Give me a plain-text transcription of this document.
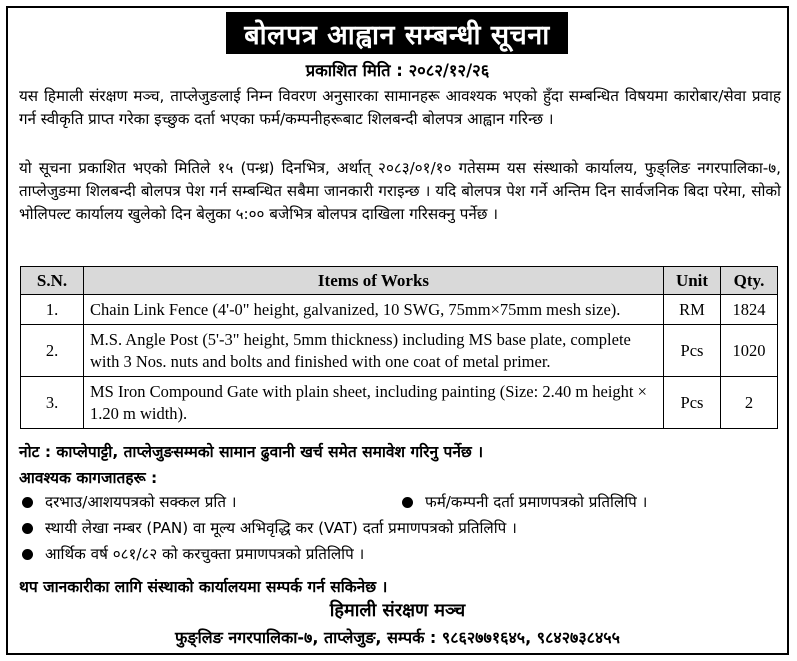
बोलपत्र आह्वान सम्बन्धी सूचना
प्रकाशित मिति : २०८२/१२/२६
यस हिमाली संरक्षण मञ्च, ताप्लेजुङलाई निम्न विवरण अनुसारका सामानहरू आवश्यक भएको हुँदा सम्बन्धित विषयमा कारोबार/सेवा प्रवाह गर्न स्वीकृति प्राप्त गरेका इच्छुक दर्ता भएका फर्म/कम्पनीहरूबाट शिलबन्दी बोलपत्र आह्वान गरिन्छ ।
यो सूचना प्रकाशित भएको मितिले १५ (पन्ध्र) दिनभित्र, अर्थात् २०८३/०१/१० गतेसम्म यस संस्थाको कार्यालय, फुङ्लिङ नगरपालिका-७, ताप्लेजुङमा शिलबन्दी बोलपत्र पेश गर्न सम्बन्धित सबैमा जानकारी गराइन्छ । यदि बोलपत्र पेश गर्ने अन्तिम दिन सार्वजनिक बिदा परेमा, सोको भोलिपल्ट कार्यालय खुलेको दिन बेलुका ५:०० बजेभित्र बोलपत्र दाखिला गरिसक्नु पर्नेछ ।
S.N.	Items of Works	Unit	Qty.
1.	Chain Link Fence (4'-0" height, galvanized, 10 SWG, 75mm×75mm mesh size).	RM	1824
2.	M.S. Angle Post (5'-3" height, 5mm thickness) including MS base plate, complete with 3 Nos. nuts and bolts and finished with one coat of metal primer.	Pcs	1020
3.	MS Iron Compound Gate with plain sheet, including painting (Size: 2.40 m height × 1.20 m width).	Pcs	2
नोट : काप्लेपाट्टी, ताप्लेजुङसम्मको सामान ढुवानी खर्च समेत समावेश गरिनु पर्नेछ ।
आवश्यक कागजातहरू :
दरभाउ/आशयपत्रको सक्कल प्रति ।	फर्म/कम्पनी दर्ता प्रमाणपत्रको प्रतिलिपि ।
स्थायी लेखा नम्बर (PAN) वा मूल्य अभिवृद्धि कर (VAT) दर्ता प्रमाणपत्रको प्रतिलिपि ।
आर्थिक वर्ष ०८१/८२ को करचुक्ता प्रमाणपत्रको प्रतिलिपि ।
थप जानकारीका लागि संस्थाको कार्यालयमा सम्पर्क गर्न सकिनेछ ।
हिमाली संरक्षण मञ्च
फुङ्लिङ नगरपालिका-७, ताप्लेजुङ, सम्पर्क : ९८६२७७१६४५, ९८४२७३८४५५
